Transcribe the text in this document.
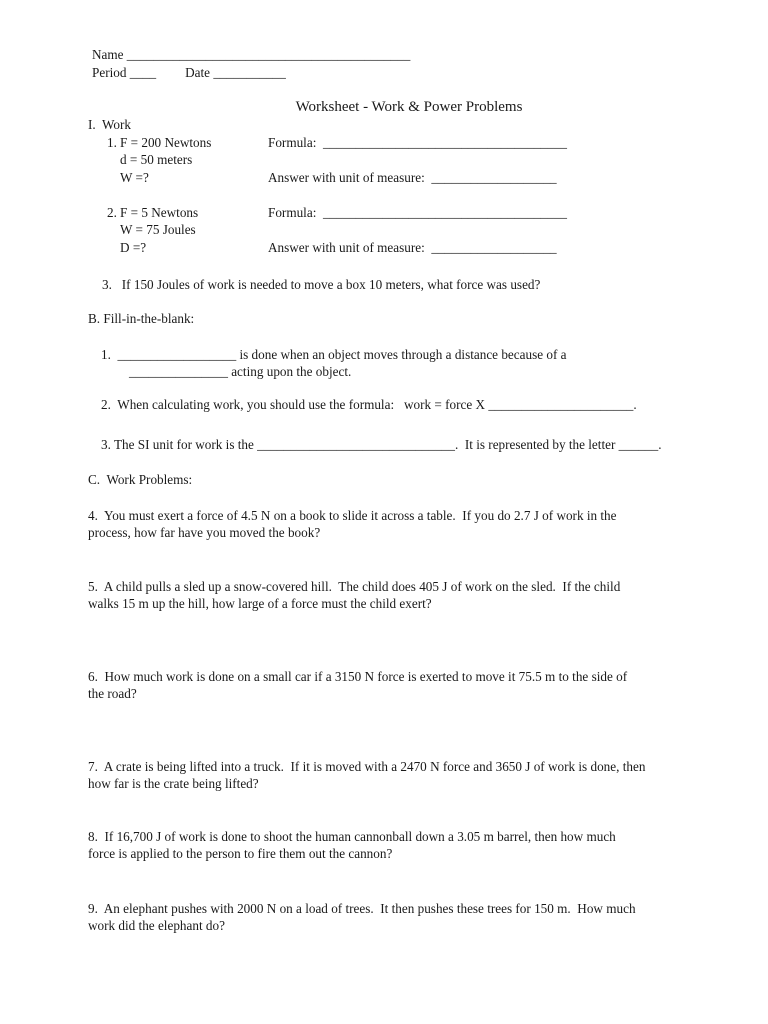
Name ___________________________________________
Period ____ Date ___________
Worksheet - Work & Power Problems
I.  Work
1. F = 200 Newtons
d = 50 meters
W =?
Formula:  _____________________________________
Answer with unit of measure:  ___________________
2. F = 5 Newtons
W = 75 Joules
D =?
Formula:  _____________________________________
Answer with unit of measure:  ___________________
3.   If 150 Joules of work is needed to move a box 10 meters, what force was used?
B. Fill-in-the-blank:
1.  __________________ is done when an object moves through a distance because of a
_______________ acting upon the object.
2.  When calculating work, you should use the formula:   work = force X ______________________.
3. The SI unit for work is the ______________________________.  It is represented by the letter ______.
C.  Work Problems:
4.  You must exert a force of 4.5 N on a book to slide it across a table.  If you do 2.7 J of work in the
process, how far have you moved the book?
5.  A child pulls a sled up a snow-covered hill.  The child does 405 J of work on the sled.  If the child
walks 15 m up the hill, how large of a force must the child exert?
6.  How much work is done on a small car if a 3150 N force is exerted to move it 75.5 m to the side of
the road?
7.  A crate is being lifted into a truck.  If it is moved with a 2470 N force and 3650 J of work is done, then
how far is the crate being lifted?
8.  If 16,700 J of work is done to shoot the human cannonball down a 3.05 m barrel, then how much
force is applied to the person to fire them out the cannon?
9.  An elephant pushes with 2000 N on a load of trees.  It then pushes these trees for 150 m.  How much
work did the elephant do?
